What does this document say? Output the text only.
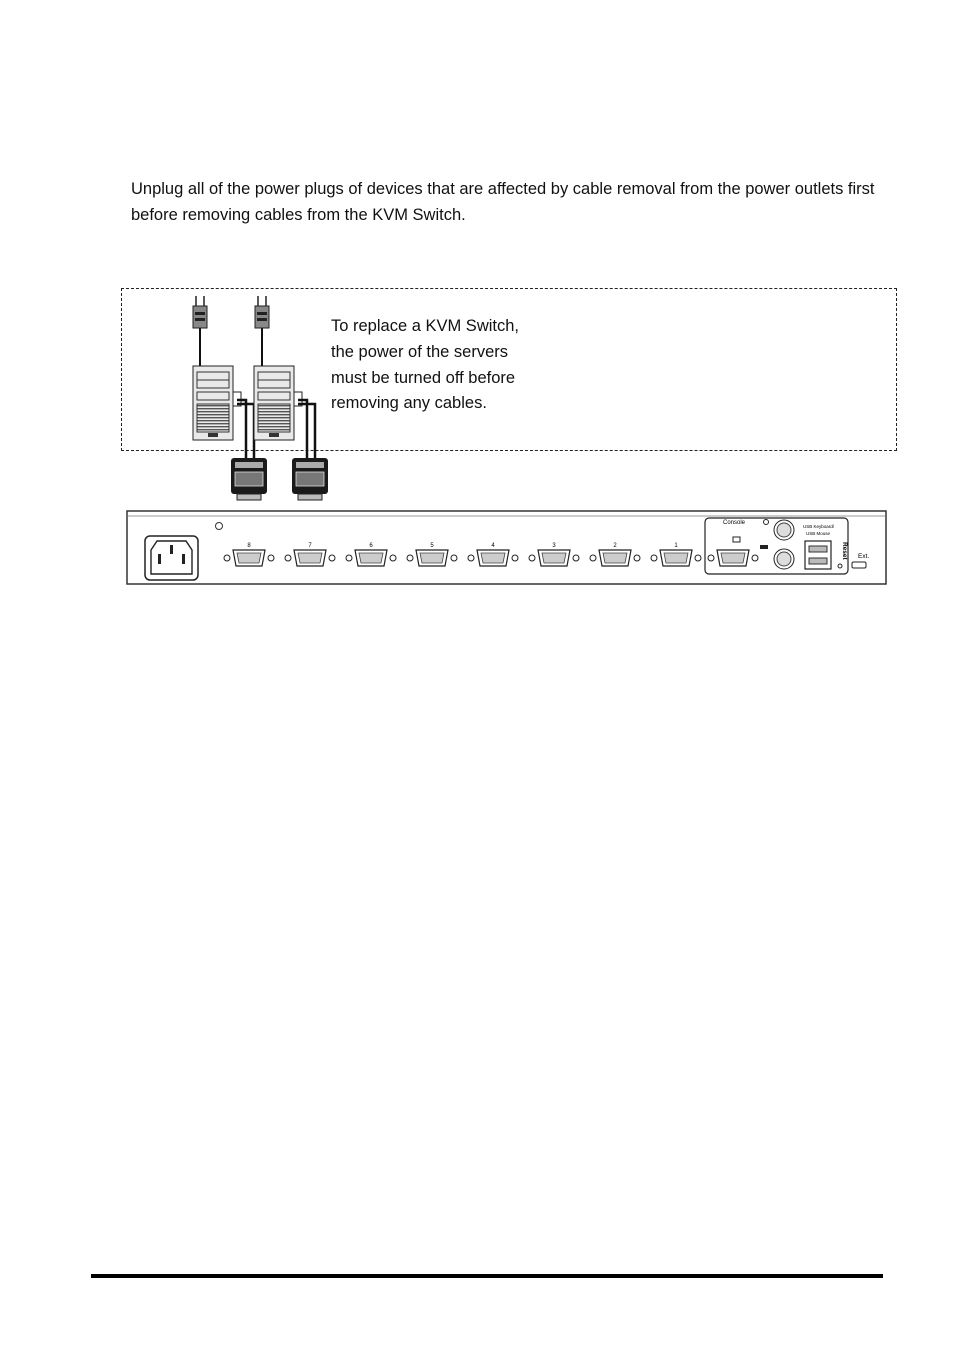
Unplug all of the power plugs of devices that are affected by cable removal from the power outlets first before removing cables from the KVM Switch.

To replace a KVM Switch, the power of the servers must be turned off before removing any cables.

8	7	6	5	4	3	2	1
Console
USB Keyboard/
USB Mouse
Reset Ext.
